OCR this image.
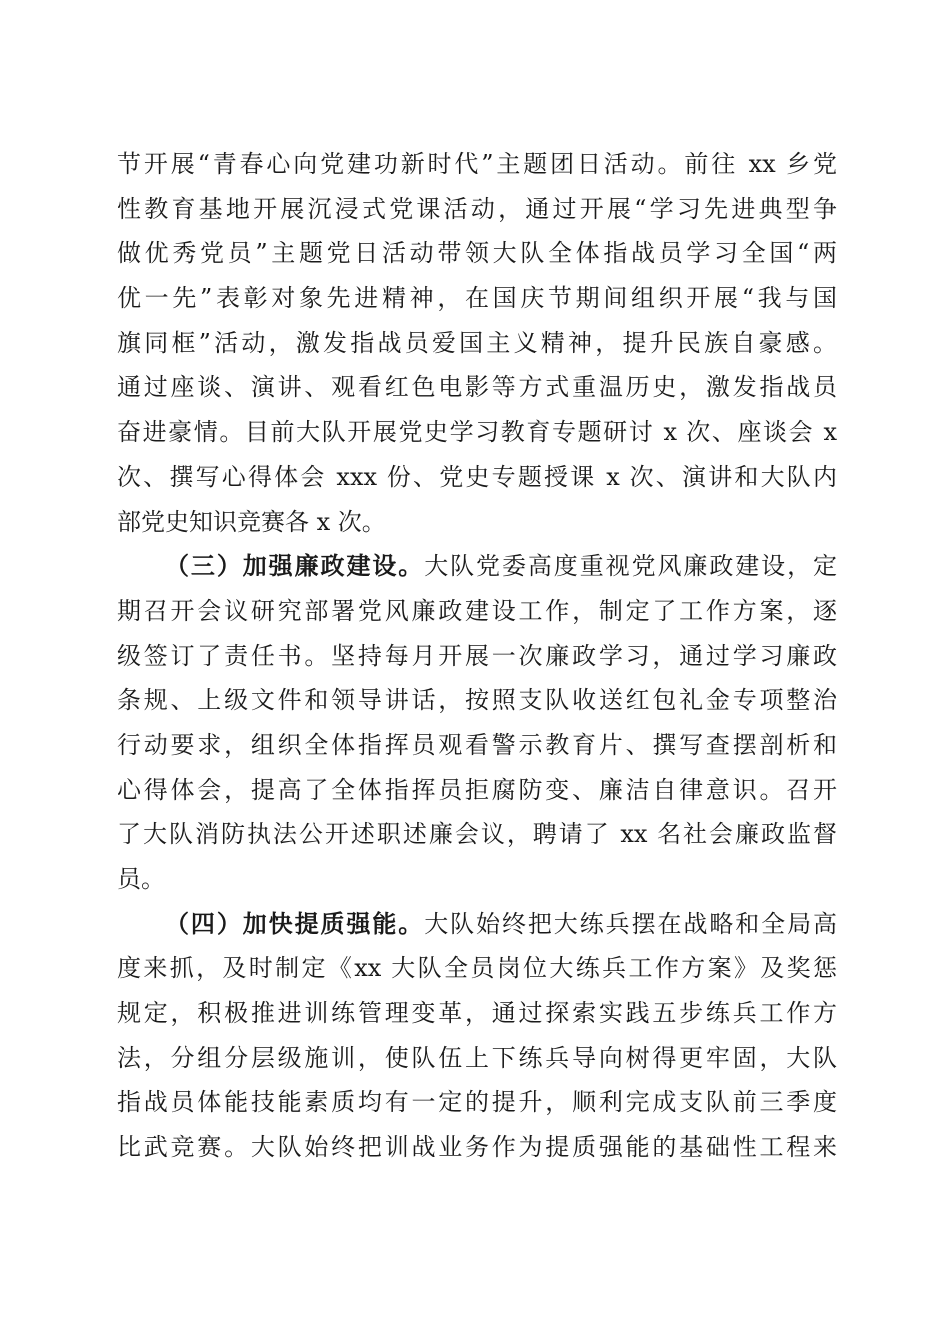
节开展“青春心向党建功新时代”主题团日活动。前往 xx 乡党
性教育基地开展沉浸式党课活动，通过开展“学习先进典型争
做优秀党员”主题党日活动带领大队全体指战员学习全国“两
优一先”表彰对象先进精神，在国庆节期间组织开展“我与国
旗同框”活动，激发指战员爱国主义精神，提升民族自豪感。
通过座谈、演讲、观看红色电影等方式重温历史，激发指战员
奋进豪情。目前大队开展党史学习教育专题研讨 x 次、座谈会 x
次、撰写心得体会 xxx 份、党史专题授课 x 次、演讲和大队内
部党史知识竞赛各 x 次。
（三）加强廉政建设。大队党委高度重视党风廉政建设，定
期召开会议研究部署党风廉政建设工作，制定了工作方案，逐
级签订了责任书。坚持每月开展一次廉政学习，通过学习廉政
条规、上级文件和领导讲话，按照支队收送红包礼金专项整治
行动要求，组织全体指挥员观看警示教育片、撰写查摆剖析和
心得体会，提高了全体指挥员拒腐防变、廉洁自律意识。召开
了大队消防执法公开述职述廉会议，聘请了 xx 名社会廉政监督
员。
（四）加快提质强能。大队始终把大练兵摆在战略和全局高
度来抓，及时制定《xx 大队全员岗位大练兵工作方案》及奖惩
规定，积极推进训练管理变革，通过探索实践五步练兵工作方
法，分组分层级施训，使队伍上下练兵导向树得更牢固，大队
指战员体能技能素质均有一定的提升，顺利完成支队前三季度
比武竞赛。大队始终把训战业务作为提质强能的基础性工程来
